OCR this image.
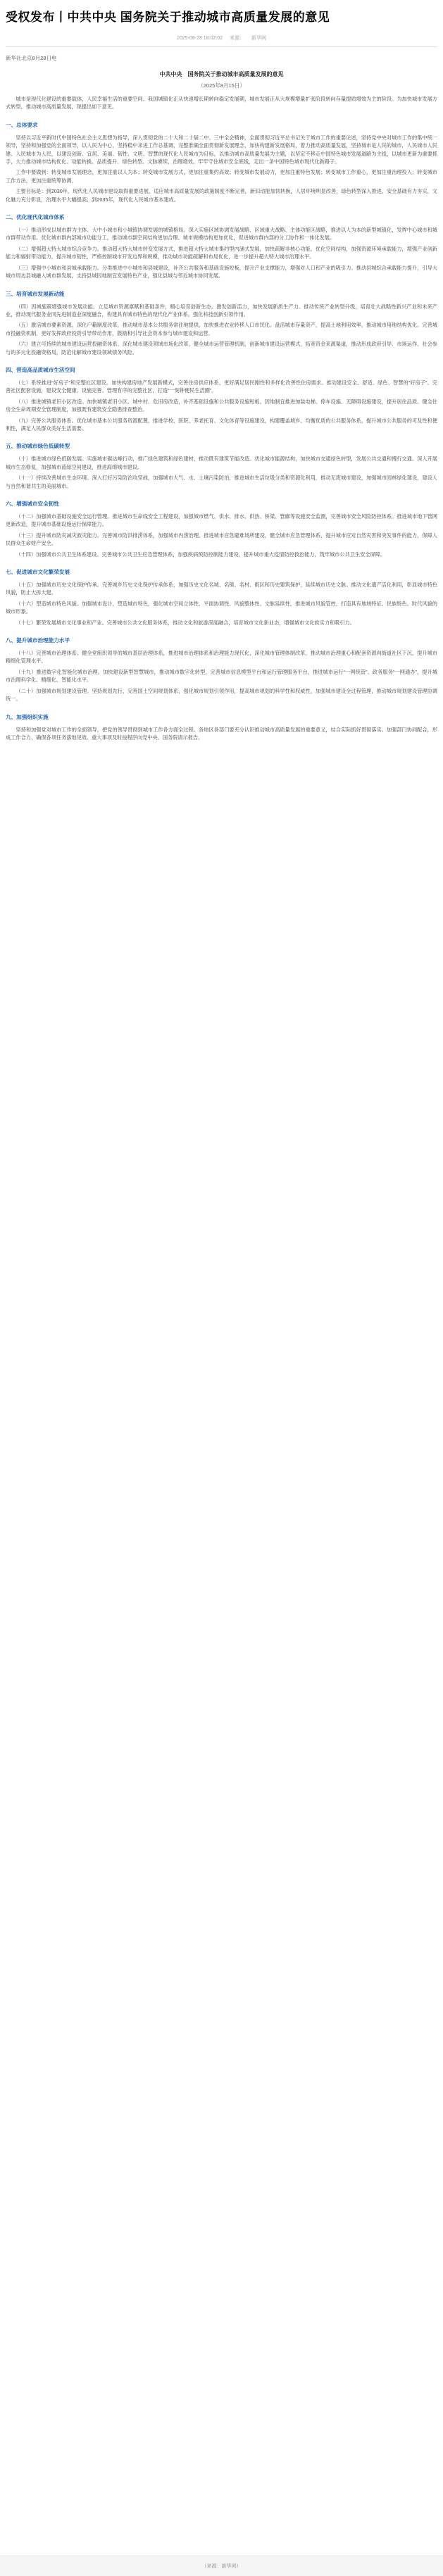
受权发布丨中共中央 国务院关于推动城市高质量发展的意见
2025-08-28 18:02:02 来源： 新华网
新华社北京8月28日电
中共中央　国务院关于推动城市高质量发展的意见
（2025年8月15日）
城市是现代化建设的重要载体，人民幸福生活的重要空间。我国城镇化正从快速增长期转向稳定发展期，城市发展正从大规模增量扩张阶段转向存量提质增效为主的阶段。为加快城市发展方式转型，推动城市高质量发展，现提出如下意见。
一、总体要求
坚持以习近平新时代中国特色社会主义思想为指导，深入贯彻党的二十大和二十届二中、三中全会精神，全面贯彻习近平总书记关于城市工作的重要论述，坚持党中央对城市工作的集中统一领导，坚持和加强党的全面领导，以人民为中心，坚持稳中求进工作总基调，完整准确全面贯彻新发展理念，加快构建新发展格局，着力推动高质量发展，坚持城市是人民的城市，人民城市人民建、人民城市为人民，以建设创新、宜居、美丽、韧性、文明、智慧的现代化人民城市为目标，以推动城市高质量发展为主题，以坚定不移走中国特色城市发展道路为主线，以城市更新为重要抓手，大力推动城市结构优化、动能转换、品质提升、绿色转型、文脉赓续、治理增效，牢牢守住城市安全底线，走出一条中国特色城市现代化新路子。
工作中要做到：转变城市发展理念，更加注重以人为本；转变城市发展方式，更加注重集约高效；转变城市发展动力，更加注重特色发展；转变城市工作重心，更加注重治理投入；转变城市工作方法，更加注重统筹协调。
主要目标是：到2030年，现代化人民城市建设取得重要进展，适应城市高质量发展的政策制度不断完善，新旧动能加快转换，人居环境明显改善，绿色转型深入推进，安全基础有力夯实，文化魅力充分彰显，治理水平大幅提高；到2035年，现代化人民城市基本建成。
二、优化现代化城市体系
（一）推动形成以城市群为主体、大中小城市和小城镇协调发展的城镇格局。深入实施区域协调发展战略、区域重大战略、主体功能区战略，推进以人为本的新型城镇化，发挥中心城市和城市群带动作用。优化城市群内部城市功能分工，推动城市群空间结构更加合理、城市规模结构更加优化，促进城市群内部的分工协作和一体化发展。
（二）增强超大特大城市综合竞争力。推动超大特大城市转变发展方式，推进超大特大城市集约型内涵式发展，加快疏解非核心功能，优化空间结构，加强资源环境承载能力，增强产业创新能力和辐射带动能力，提升城市韧性，严格控制城市开发边界和规模，推动城市功能疏解和布局优化，进一步提升超大特大城市治理水平。
（三）增强中小城市和县城承载能力。分类推进中小城市和县城建设，补齐公共服务和基础设施短板，提升产业支撑能力，增强对人口和产业的吸引力。推动县城综合承载能力提升，引导大城市周边县城融入城市群发展，支持县城因地制宜发展特色产业，强化县城与邻近城市协同发展。
三、培育城市发展新动能
（四）因城施策增强城市发展动能。立足城市资源禀赋和基础条件，精心培育创新生态，激发创新活力，加快发展新质生产力。推动传统产业转型升级，培育壮大战略性新兴产业和未来产业，推动现代服务业同先进制造业深度融合，构建具有城市特色的现代化产业体系，强化科技创新引领作用。
（五）激活城市要素资源。深化户籍制度改革，推动城市基本公共服务常住地提供，加快推进农业转移人口市民化。盘活城市存量资产，提高土地利用效率，推动城市用地结构优化。完善城市投融资机制，更好发挥政府投资引导带动作用，鼓励和引导社会资本参与城市建设和运营。
（六）建立可持续的城市建设运营投融资体系。深化城市建设领域市场化改革，健全城市运营管理机制，创新城市建设运营模式，拓宽资金来源渠道，推动形成政府引导、市场运作、社会参与的多元化投融资格局，防范化解城市建设领域债务风险。
四、营造高品质城市生活空间
（七）系统推进“好房子”和完整社区建设。加快构建房地产发展新模式，完善住房供应体系，更好满足居民刚性和多样化改善性住房需求。推动建设安全、舒适、绿色、智慧的“好房子”。完善社区配套设施，建设安全健康、设施完善、管理有序的完整社区，打造“一刻钟便民生活圈”。
（八）推进城镇老旧小区改造。加快城镇老旧小区、城中村、危旧房改造，补齐基础设施和公共服务设施短板。因地制宜推进加装电梯、停车设施、无障碍设施建设，提升居住品质。健全住房全生命周期安全管理制度，加强既有建筑安全隐患排查整治。
（九）完善公共服务体系。优化城市基本公共服务资源配置，推进学校、医院、养老托育、文化体育等设施建设，构建覆盖城乡、均衡优质的公共服务体系，提升城市公共服务的可及性和便利性，满足人民群众美好生活需要。
五、推动城市绿色低碳转型
（十）推进城市绿色低碳发展。实施城市碳达峰行动，推广绿色建筑和绿色建材，推动既有建筑节能改造。优化城市能源结构，加快城市交通绿色转型，发展公共交通和慢行交通。深入开展城市生态修复，加强城市蓝绿空间建设，推进海绵城市建设。
（十一）持续改善城市生态环境。深入打好污染防治攻坚战，加强城市大气、水、土壤污染防治，推进城市生活垃圾分类和资源化利用，推动无废城市建设，加强城市园林绿化建设，建设人与自然和谐共生的美丽城市。
六、增强城市安全韧性
（十二）加强城市基础设施安全运行管理。推进城市生命线安全工程建设，加强城市燃气、供水、排水、供热、桥梁、管廊等设施安全监测，完善城市安全风险防控体系。推进城市地下管网更新改造，提升城市基础设施运行保障能力。
（十三）提升城市防灾减灾救灾能力。完善城市防洪排涝体系，加强城市内涝治理。推进城市应急避难场所建设，健全城市应急管理体系，提升城市应对自然灾害和突发事件的能力，保障人民群众生命财产安全。
（十四）加强城市公共卫生体系建设。完善城市公共卫生应急管理体系，加强疾病预防控制能力建设，提升城市重大疫情防控救治能力，筑牢城市公共卫生安全屏障。
七、促进城市文化繁荣发展
（十五）加强城市历史文化保护传承。完善城乡历史文化保护传承体系，加强历史文化名城、名镇、名村、街区和历史建筑保护，延续城市历史文脉。推动文化遗产活化利用，彰显城市特色风貌，防止大拆大建。
（十六）塑造城市特色风貌。加强城市设计，塑造城市特色，强化城市空间立体性、平面协调性、风貌整体性、文脉延续性，推进城市风貌管控，打造具有地域特征、民族特色、时代风貌的城市形象。
（十七）繁荣发展城市文化事业和产业。完善城市公共文化服务体系，推动文化和旅游深度融合，培育城市文化新业态，增强城市文化软实力和吸引力。
八、提升城市治理能力水平
（十八）完善城市治理体系。健全党组织领导的城市基层治理体系，推进城市治理体系和治理能力现代化，深化城市管理体制改革，推动城市治理重心和配套资源向街道社区下沉，提升城市精细化管理水平。
（十九）推进数字化智能化城市治理。加快建设新型智慧城市，推动城市数字化转型，完善城市信息模型平台和运行管理服务平台，推进城市运行“一网统管”、政务服务“一网通办”，提升城市治理科学化、精细化、智能化水平。
（二十）加强城市规划建设管理。坚持规划先行，完善国土空间规划体系，强化城市规划引领作用，提高城市规划的科学性和权威性，加强城市建设全过程管理，推动城市规划建设管理协调统一。
九、加强组织实施
坚持和加强党对城市工作的全面领导，把党的领导贯彻到城市工作各方面全过程。各地区各部门要充分认识推动城市高质量发展的重要意义，结合实际抓好贯彻落实。加强部门协同配合，形成工作合力，确保各项任务落地见效。重大事项及时按程序向党中央、国务院请示报告。
（来源：新华网）
